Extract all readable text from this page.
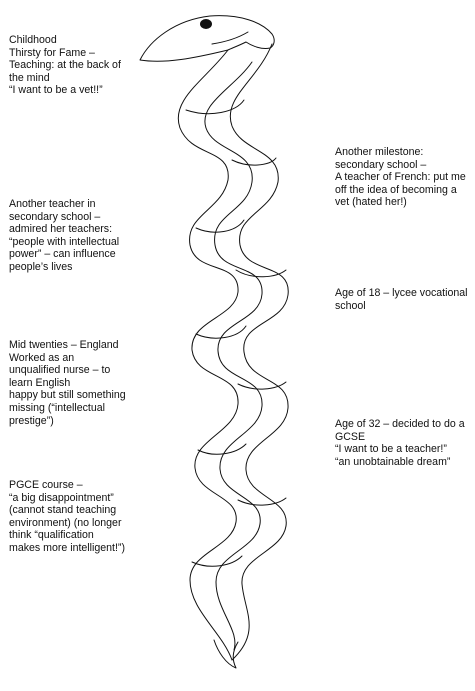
Childhood
Thirsty for Fame –
Teaching: at the back of
the mind
“I want to be a vet!!”

Another milestone:
secondary school –
A teacher of French: put me
off the idea of becoming a
vet (hated her!)

Another teacher in
secondary school –
admired her teachers:
“people with intellectual
power” – can influence
people’s lives

Age of 18 – lycee vocational
school

Mid twenties – England
Worked as an
unqualified nurse – to
learn English
happy but still something
missing (“intellectual
prestige”)	Age of 32 – decided to do a
GCSE
“I want to be a teacher!”
“an unobtainable dream”

PGCE course –
“a big disappointment”
(cannot stand teaching
environment) (no longer
think “qualification
makes more intelligent!”)
